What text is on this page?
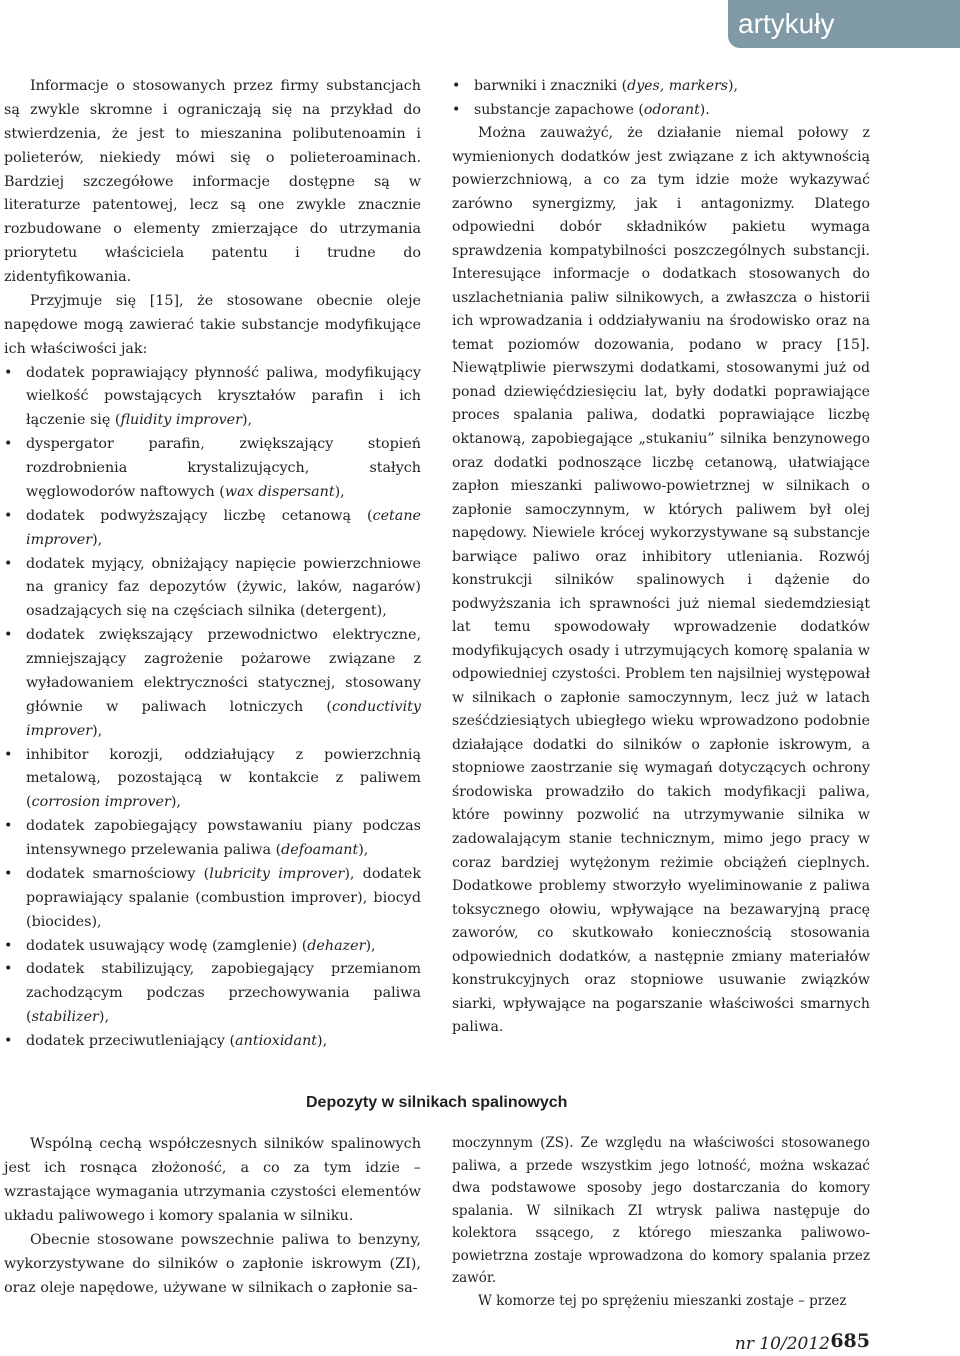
artykuły

Informacje o stosowanych przez firmy substancjach są zwykle skromne i ograniczają się na przykład do stwierdzenia, że jest to mieszanina polibutenoamin i polieterów, niekiedy mówi się o polieteroaminach. Bardziej szczegółowe informacje dostępne są w literaturze patentowej, lecz są one zwykle znacznie rozbudowane o elementy zmierzające do utrzymania priorytetu właściciela patentu i trudne do zidentyfikowania.

Przyjmuje się [15], że stosowane obecnie oleje napędowe mogą zawierać takie substancje modyfikujące ich właściwości jak:

• dodatek poprawiający płynność paliwa, modyfikujący wielkość powstających kryształów parafin i ich łączenie się (fluidity improver),
• dyspergator parafin, zwiększający stopień rozdrobnienia krystalizujących, stałych węglowodorów naftowych (wax dispersant),
• dodatek podwyższający liczbę cetanową (cetane improver),
• dodatek myjący, obniżający napięcie powierzchniowe na granicy faz depozytów (żywic, laków, nagarów) osadzających się na częściach silnika (detergent),
• dodatek zwiększający przewodnictwo elektryczne, zmniejszający zagrożenie pożarowe związane z wyładowaniem elektryczności statycznej, stosowany głównie w paliwach lotniczych (conductivity improver),
• inhibitor korozji, oddziałujący z powierzchnią metalową, pozostającą w kontakcie z paliwem (corrosion improver),
• dodatek zapobiegający powstawaniu piany podczas intensywnego przelewania paliwa (defoamant),
• dodatek smarnościowy (lubricity improver), dodatek poprawiający spalanie (combustion improver), biocyd (biocides),
• dodatek usuwający wodę (zamglenie) (dehazer),
• dodatek stabilizujący, zapobiegający przemianom zachodzącym podczas przechowywania paliwa (stabilizer),
• dodatek przeciwutleniający (antioxidant),
• barwniki i znaczniki (dyes, markers),
• substancje zapachowe (odorant).

Można zauważyć, że działanie niemal połowy z wymienionych dodatków jest związane z ich aktywnością powierzchniową, a co za tym idzie może wykazywać zarówno synergizmy, jak i antagonizmy. Dlatego odpowiedni dobór składników pakietu wymaga sprawdzenia kompatybilności poszczególnych substancji. Interesujące informacje o dodatkach stosowanych do uszlachetniania paliw silnikowych, a zwłaszcza o historii ich wprowadzania i oddziaływaniu na środowisko oraz na temat poziomów dozowania, podano w pracy [15]. Niewątpliwie pierwszymi dodatkami, stosowanymi już od ponad dziewięćdziesięciu lat, były dodatki poprawiające proces spalania paliwa, dodatki poprawiające liczbę oktanową, zapobiegające „stukaniu” silnika benzynowego oraz dodatki podnoszące liczbę cetanową, ułatwiające zapłon mieszanki paliwowo-powietrznej w silnikach o zapłonie samoczynnym, w których paliwem był olej napędowy. Niewiele krócej wykorzystywane są substancje barwiące paliwo oraz inhibitory utleniania. Rozwój konstrukcji silników spalinowych i dążenie do podwyższania ich sprawności już niemal siedemdziesiąt lat temu spowodowały wprowadzenie dodatków modyfikujących osady i utrzymujących komorę spalania w odpowiedniej czystości. Problem ten najsilniej występował w silnikach o zapłonie samoczynnym, lecz już w latach sześćdziesiątych ubiegłego wieku wprowadzono podobnie działające dodatki do silników o zapłonie iskrowym, a stopniowe zaostrzanie się wymagań dotyczących ochrony środowiska prowadziło do takich modyfikacji paliwa, które powinny pozwolić na utrzymywanie silnika w zadowalającym stanie technicznym, mimo jego pracy w coraz bardziej wytężonym reżimie obciążeń cieplnych. Dodatkowe problemy stworzyło wyeliminowanie z paliwa toksycznego ołowiu, wpływające na bezawaryjną pracę zaworów, co skutkowało koniecznością stosowania odpowiednich dodatków, a następnie zmiany materiałów konstrukcyjnych oraz stopniowe usuwanie związków siarki, wpływające na pogarszanie właściwości smarnych paliwa.

Depozyty w silnikach spalinowych

Wspólną cechą współczesnych silników spalinowych jest ich rosnąca złożoność, a co za tym idzie – wzrastające wymagania utrzymania czystości elementów układu paliwowego i komory spalania w silniku.

Obecnie stosowane powszechnie paliwa to benzyny, wykorzystywane do silników o zapłonie iskrowym (ZI), oraz oleje napędowe, używane w silnikach o zapłonie sa-

moczynnym (ZS). Ze względu na właściwości stosowanego paliwa, a przede wszystkim jego lotność, można wskazać dwa podstawowe sposoby jego dostarczania do komory spalania. W silnikach ZI wtrysk paliwa następuje do kolektora ssącego, z którego mieszanka paliwowo-powietrzna zostaje wprowadzona do komory spalania przez zawór.

W komorze tej po sprężeniu mieszanki zostaje – przez

nr 10/2012 685
